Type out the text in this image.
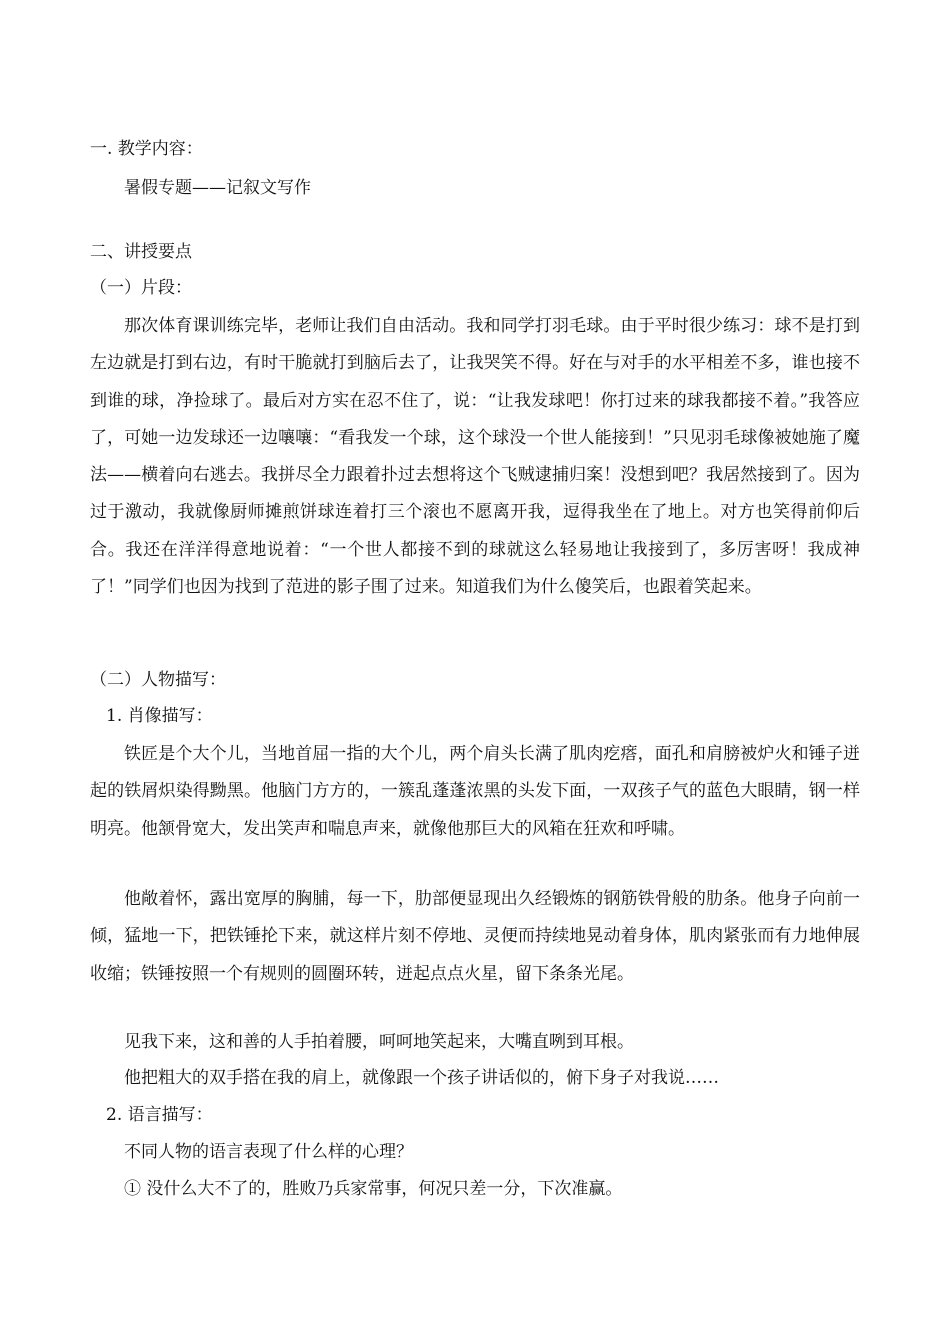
一. 教学内容：
暑假专题——记叙文写作
二、讲授要点
（一）片段：

那次体育课训练完毕，老师让我们自由活动。我和同学打羽毛球。由于平时很少练习：球不是打到左边就是打到右边，有时干脆就打到脑后去了，让我哭笑不得。好在与对手的水平相差不多，谁也接不到谁的球，净捡球了。最后对方实在忍不住了，说：“让我发球吧！你打过来的球我都接不着。”我答应了，可她一边发球还一边嚷嚷：“看我发一个球，这个球没一个世人能接到！”只见羽毛球像被她施了魔法——横着向右逃去。我拼尽全力跟着扑过去想将这个飞贼逮捕归案！没想到吧？我居然接到了。因为过于激动，我就像厨师摊煎饼球连着打三个滚也不愿离开我，逗得我坐在了地上。对方也笑得前仰后合。我还在洋洋得意地说着：“一个世人都接不到的球就这么轻易地让我接到了，多厉害呀！我成神了！”同学们也因为找到了范进的影子围了过来。知道我们为什么傻笑后，也跟着笑起来。

（二）人物描写：
1. 肖像描写：

铁匠是个大个儿，当地首屈一指的大个儿，两个肩头长满了肌肉疙瘩，面孔和肩膀被炉火和锤子迸起的铁屑炽染得黝黑。他脑门方方的，一簇乱蓬蓬浓黑的头发下面，一双孩子气的蓝色大眼睛，钢一样明亮。他颔骨宽大，发出笑声和喘息声来，就像他那巨大的风箱在狂欢和呼啸。

他敞着怀，露出宽厚的胸脯，每一下，肋部便显现出久经锻炼的钢筋铁骨般的肋条。他身子向前一倾，猛地一下，把铁锤抡下来，就这样片刻不停地、灵便而持续地晃动着身体，肌肉紧张而有力地伸展收缩；铁锤按照一个有规则的圆圈环转，迸起点点火星，留下条条光尾。

见我下来，这和善的人手拍着腰，呵呵地笑起来，大嘴直咧到耳根。
他把粗大的双手搭在我的肩上，就像跟一个孩子讲话似的，俯下身子对我说……
2. 语言描写：
不同人物的语言表现了什么样的心理？
① 没什么大不了的，胜败乃兵家常事，何况只差一分，下次准赢。
